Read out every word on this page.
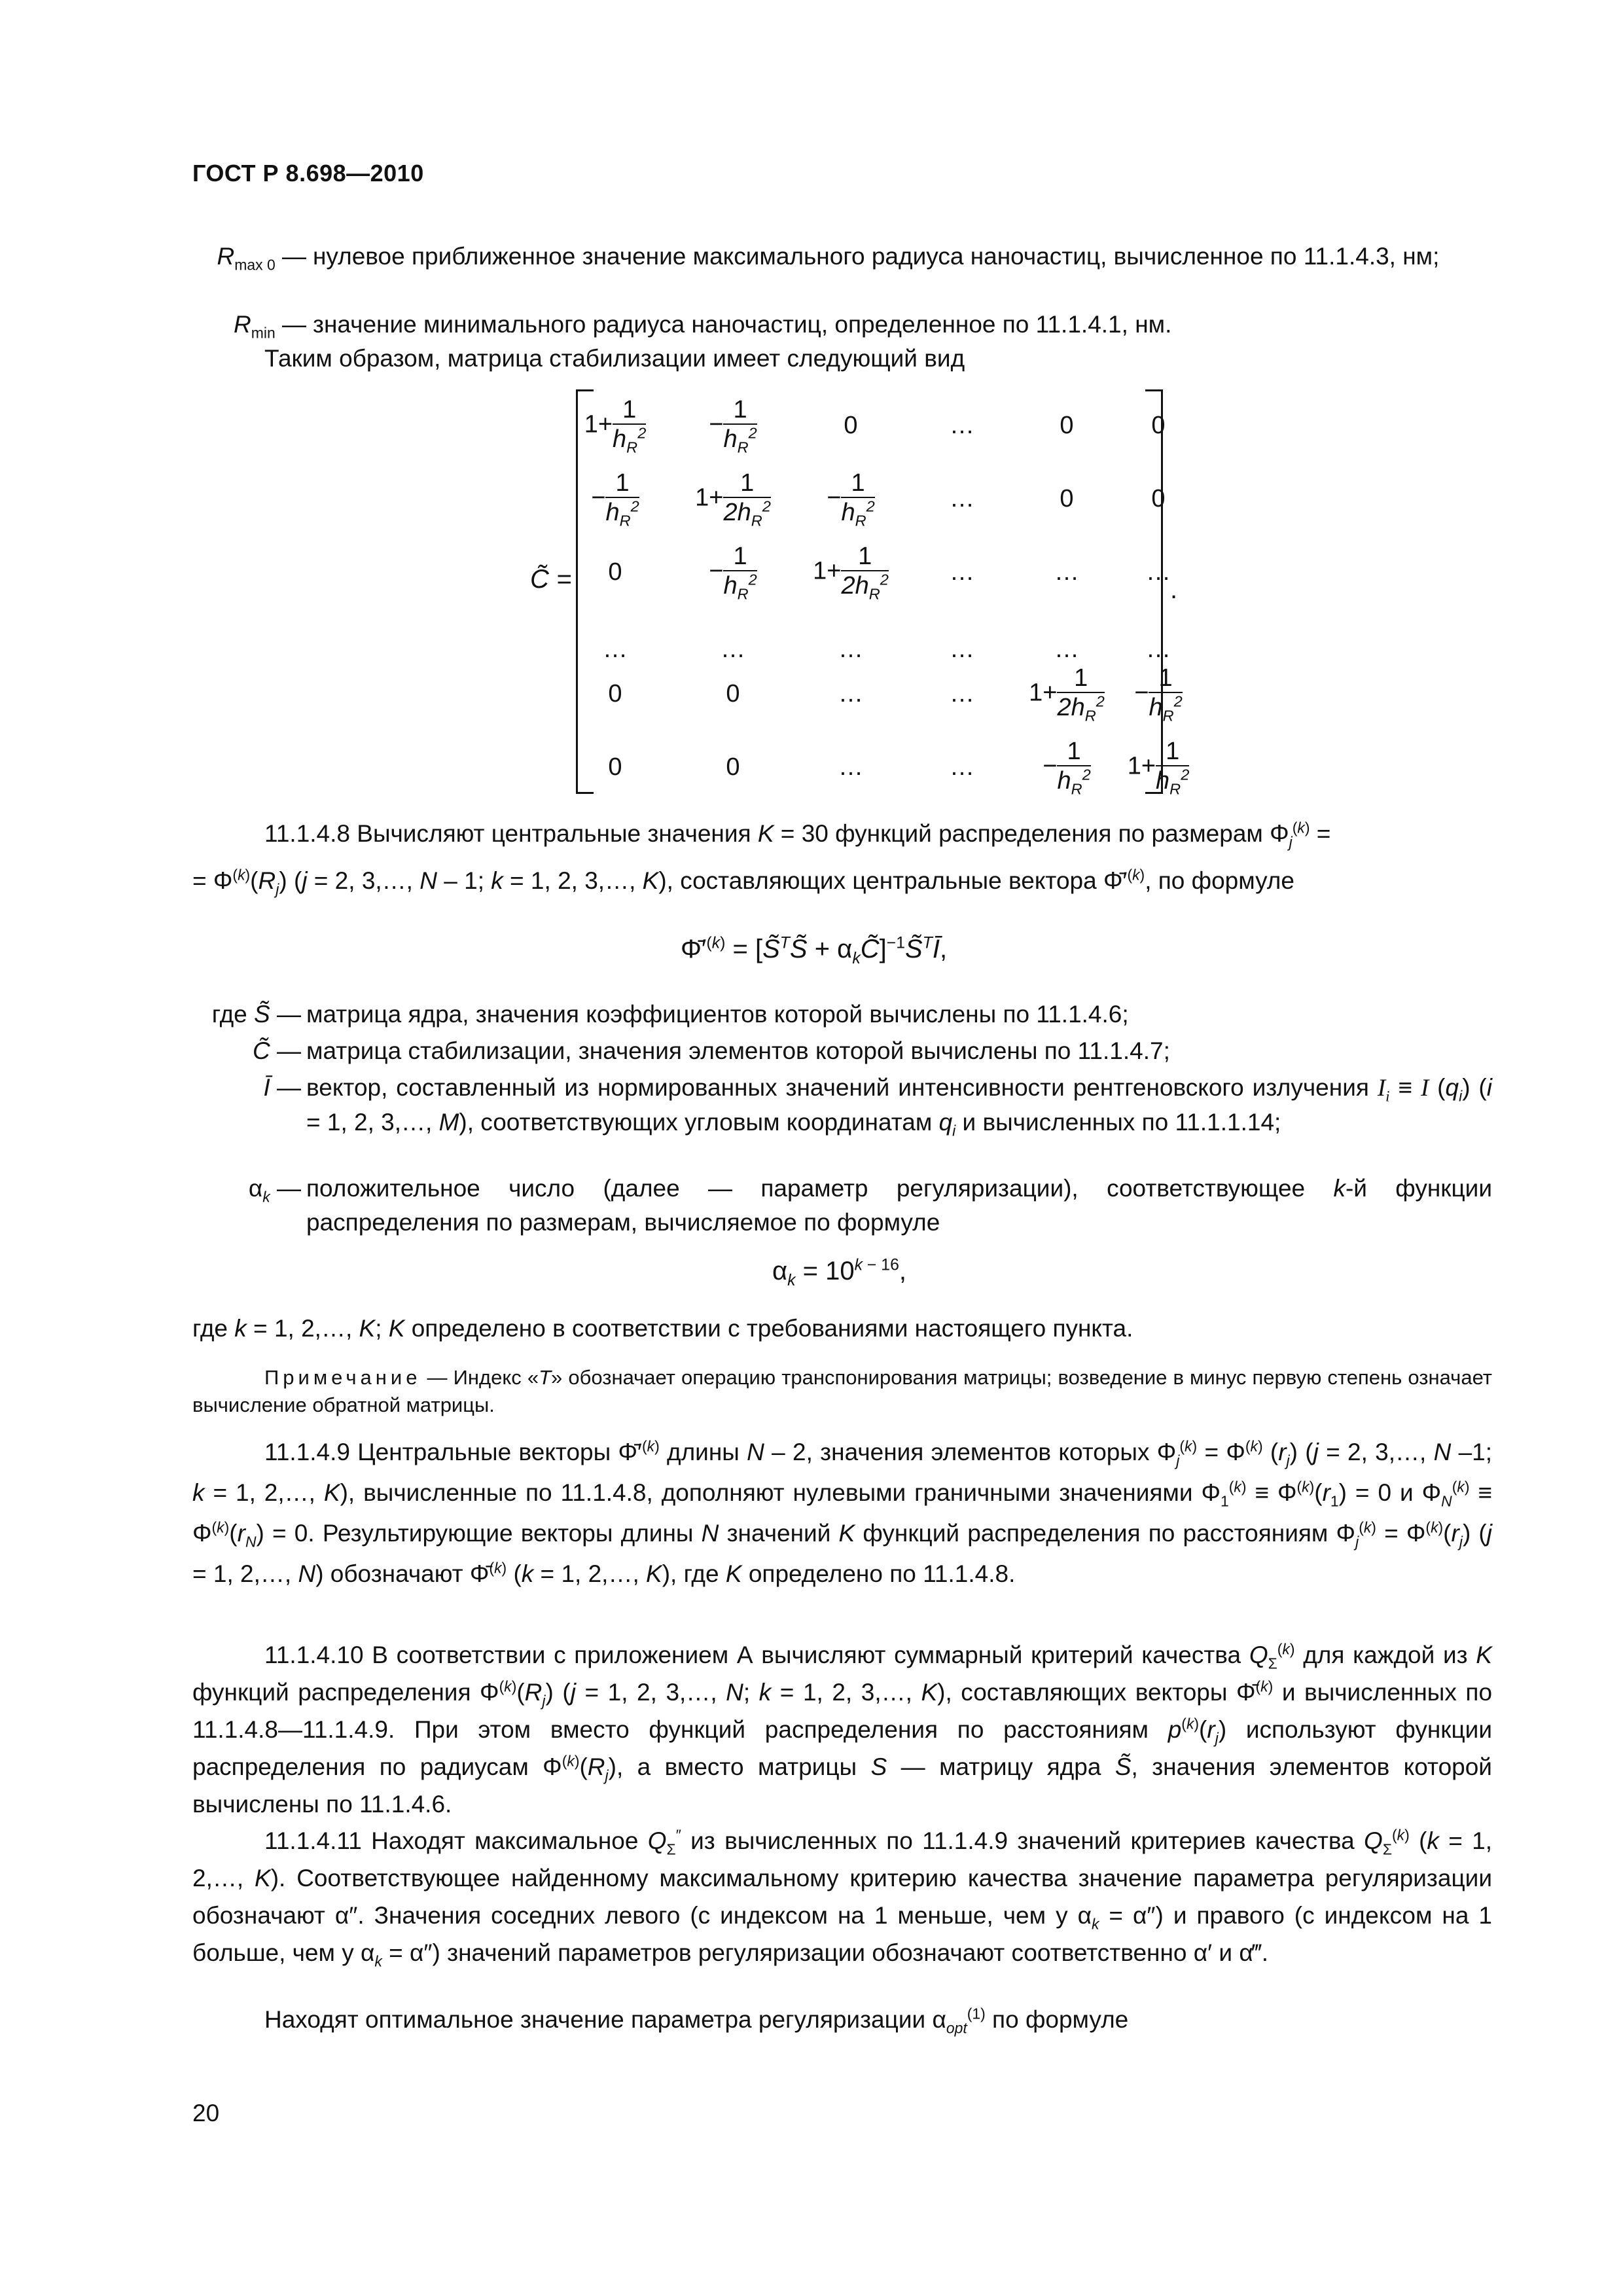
ГОСТ Р 8.698—2010
$R_{max 0}$ — нулевое приближенное значение максимального радиуса наночастиц, вычисленное по 11.1.4.3, нм;
$R_{min}$ — значение минимального радиуса наночастиц, определенное по 11.1.4.1, нм.
Таким образом, матрица стабилизации имеет следующий вид
C̃ =	.
$1+ \frac{1}{h_R^2}$	− $\frac{1}{h_R^2}$	0	…	0	0
− $\frac{1}{h_R^2}$	$1+ \frac{1}{2h_R^2}$	− $\frac{1}{h_R^2}$	…	0	0
0	− $\frac{1}{h_R^2}$	$1+ \frac{1}{2h_R^2}$	…	…	…
…	…	…	…	…	…
0	0	…	…	$1+ \frac{1}{2h_R^2}$	− $\frac{1}{h_R^2}$
0	0	…	…	− $\frac{1}{h_R^2}$	$1+ \frac{1}{h_R^2}$
11.1.4.8 Вычисляют центральные значения K = 30 функций распределения по размерам $\Phi_j^{(k)}$ =
= $\Phi^{(k)}(R_j) (j = 2$, 3,…, N – 1; k = 1, 2, 3,…, K), составляющих центральные вектора $\Phī'^{(k)}$, по формуле
$\Phī'^{(k)}$ = [S̃$^T$S̃ + $\alpha_kC̃]^{-1}S̃^TĪ$,
где S̃ — матрица ядра, значения коэффициентов которой вычислены по 11.1.4.6;
C̃ — матрица стабилизации, значения элементов которой вычислены по 11.1.4.7;
Ī — вектор, составленный из нормированных значений интенсивности рентгеновского излучения $I_i \equiv I$ $(q_i) (i = 1$, 2, 3,…, M), соответствующих угловым координатам $q_i$ и вычисленных по 11.1.1.14;
$\alpha_k$ — положительное число (далее — параметр регуляризации), соответствующее k-й функции распределения по размерам, вычисляемое по формуле
$\alpha_k = 10^{k - 16}$,
где k = 1, 2,…, K; K определено в соответствии с требованиями настоящего пункта.
Примечание — Индекс «T» обозначает операцию транспонирования матрицы; возведение в минус первую степень означает вычисление обратной матрицы.
11.1.4.9 Центральные векторы $\Phī'^{(k)}$ длины N – 2, значения элементов которых $\Phi_j^{(k)} = \Phi^{(k)}$ $(r_j) (j = 2$, 3,…, N –1; k = 1, 2,…, K), вычисленные по 11.1.4.8, дополняют нулевыми граничными значениями $\Phi_1^{(k)} \equiv \Phi^{(k)}(r_1) = 0$ и $\Phi_N^{(k)} \equiv \Phi^{(k)}(r_N) = 0$. Результирующие векторы длины N значений K функций распределения по расстояниям $\Phi_j^{(k)} = \Phi^{(k)}(r_j) (j = 1$, 2,…, N) обозначают Φ̄$^{(k)}$ (k = 1, 2,…, K), где K определено по 11.1.4.8.
11.1.4.10 В соответствии с приложением А вычисляют суммарный критерий качества $Q_\Sigma^{(k)}$ для каждой из K функций распределения $\Phi^{(k)}(R_j) (j = 1$, 2, 3,…, N; k = 1, 2, 3,…, K), составляющих векторы Φ̄$^{(k)}$ и вычисленных по 11.1.4.8—11.1.4.9. При этом вместо функций распределения по расстояниям $p^{(k)}(r_j)$ используют функции распределения по радиусам $\Phi^{(k)}(R_j)$, а вместо матрицы S — матрицу ядра S̃, значения элементов которой вычислены по 11.1.4.6.
11.1.4.11 Находят максимальное $Q_\Sigma''$ из вычисленных по 11.1.4.9 значений критериев качества $Q_\Sigma^{(k)}$ (k = 1, 2,…, K). Соответствующее найденному максимальному критерию качества значение параметра регуляризации обозначают α″. Значения соседних левого (с индексом на 1 меньше, чем у $\alpha_k = \alpha''$) и правого (с индексом на 1 больше, чем у $\alpha_k = \alpha''$) значений параметров регуляризации обозначают соответственно α′ и α‴.
Находят оптимальное значение параметра регуляризации $\alpha_{opt}^{(1)}$ по формуле
20
